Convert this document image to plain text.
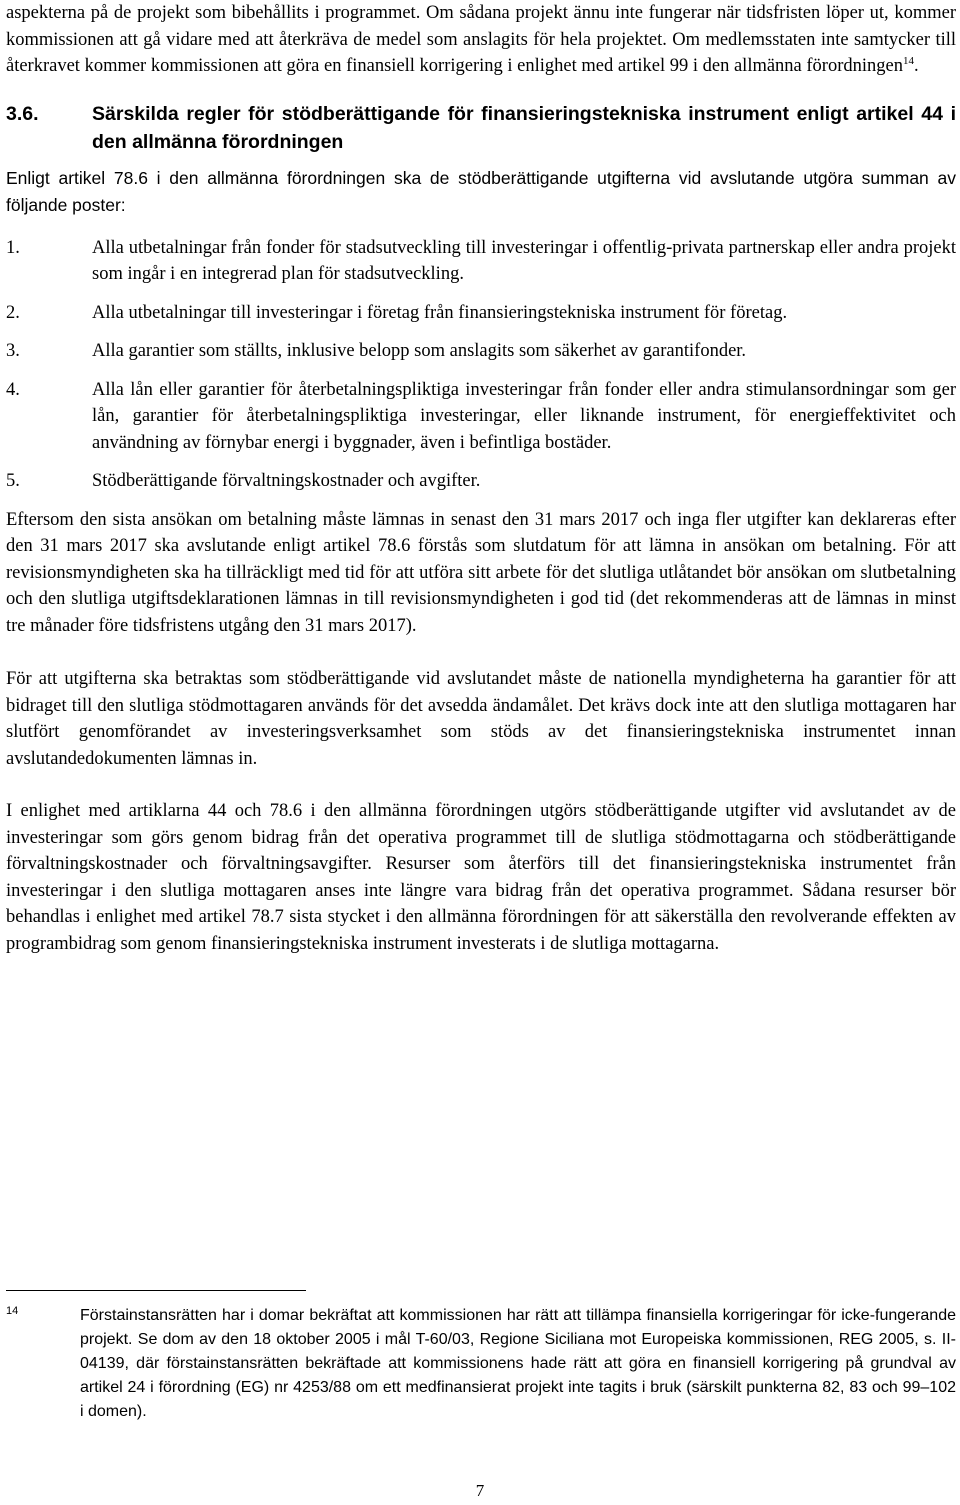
aspekterna på de projekt som bibehållits i programmet. Om sådana projekt ännu inte fungerar när tidsfristen löper ut, kommer kommissionen att gå vidare med att återkräva de medel som anslagits för hela projektet. Om medlemsstaten inte samtycker till återkravet kommer kommissionen att göra en finansiell korrigering i enlighet med artikel 99 i den allmänna förordningen$^{14}$.

3.6.	Särskilda regler för stödberättigande för finansieringstekniska instrument enligt artikel 44 i den allmänna förordningen

Enligt artikel 78.6 i den allmänna förordningen ska de stödberättigande utgifterna vid avslutande utgöra summan av följande poster:

1.	Alla utbetalningar från fonder för stadsutveckling till investeringar i offentlig-privata partnerskap eller andra projekt som ingår i en integrerad plan för stadsutveckling.
2.	Alla utbetalningar till investeringar i företag från finansieringstekniska instrument för företag.
3.	Alla garantier som ställts, inklusive belopp som anslagits som säkerhet av garantifonder.
4.	Alla lån eller garantier för återbetalningspliktiga investeringar från fonder eller andra stimulansordningar som ger lån, garantier för återbetalningspliktiga investeringar, eller liknande instrument, för energieffektivitet och användning av förnybar energi i byggnader, även i befintliga bostäder.
5.	Stödberättigande förvaltningskostnader och avgifter.

Eftersom den sista ansökan om betalning måste lämnas in senast den 31 mars 2017 och inga fler utgifter kan deklareras efter den 31 mars 2017 ska avslutande enligt artikel 78.6 förstås som slutdatum för att lämna in ansökan om betalning. För att revisionsmyndigheten ska ha tillräckligt med tid för att utföra sitt arbete för det slutliga utlåtandet bör ansökan om slutbetalning och den slutliga utgiftsdeklarationen lämnas in till revisionsmyndigheten i god tid (det rekommenderas att de lämnas in minst tre månader före tidsfristens utgång den 31 mars 2017).

För att utgifterna ska betraktas som stödberättigande vid avslutandet måste de nationella myndigheterna ha garantier för att bidraget till den slutliga stödmottagaren används för det avsedda ändamålet. Det krävs dock inte att den slutliga mottagaren har slutfört genomförandet av investeringsverksamhet som stöds av det finansieringstekniska instrumentet innan avslutandedokumenten lämnas in.

I enlighet med artiklarna 44 och 78.6 i den allmänna förordningen utgörs stödberättigande utgifter vid avslutandet av de investeringar som görs genom bidrag från det operativa programmet till de slutliga stödmottagarna och stödberättigande förvaltningskostnader och förvaltningsavgifter. Resurser som återförs till det finansieringstekniska instrumentet från investeringar i den slutliga mottagaren anses inte längre vara bidrag från det operativa programmet. Sådana resurser bör behandlas i enlighet med artikel 78.7 sista stycket i den allmänna förordningen för att säkerställa den revolverande effekten av programbidrag som genom finansieringstekniska instrument investerats i de slutliga mottagarna.

14	Förstainstansrätten har i domar bekräftat att kommissionen har rätt att tillämpa finansiella korrigeringar för icke-fungerande projekt. Se dom av den 18 oktober 2005 i mål T-60/03, Regione Siciliana mot Europeiska kommissionen, REG 2005, s. II-04139, där förstainstansrätten bekräftade att kommissionens hade rätt att göra en finansiell korrigering på grundval av artikel 24 i förordning (EG) nr 4253/88 om ett medfinansierat projekt inte tagits i bruk (särskilt punkterna 82, 83 och 99–102 i domen).
7
